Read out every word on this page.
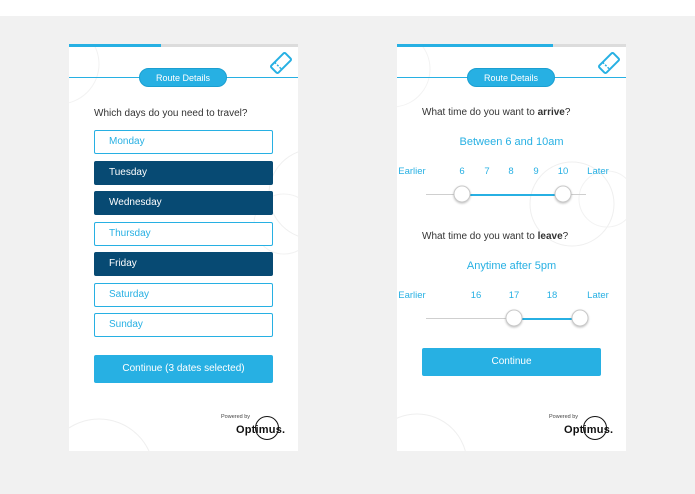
Route Details
Which days do you need to travel?
Monday
Tuesday
Wednesday
Thursday
Friday
Saturday
Sunday
Continue (3 dates selected)
Powered by
Optimus.
Route Details
What time do you want to arrive?
Between 6 and 10am
Earlier	6 7 8 9 10 Later
What time do you want to leave?
Anytime after 5pm
Earlier	16	17	18	Later
Continue
Powered by
Optimus.
